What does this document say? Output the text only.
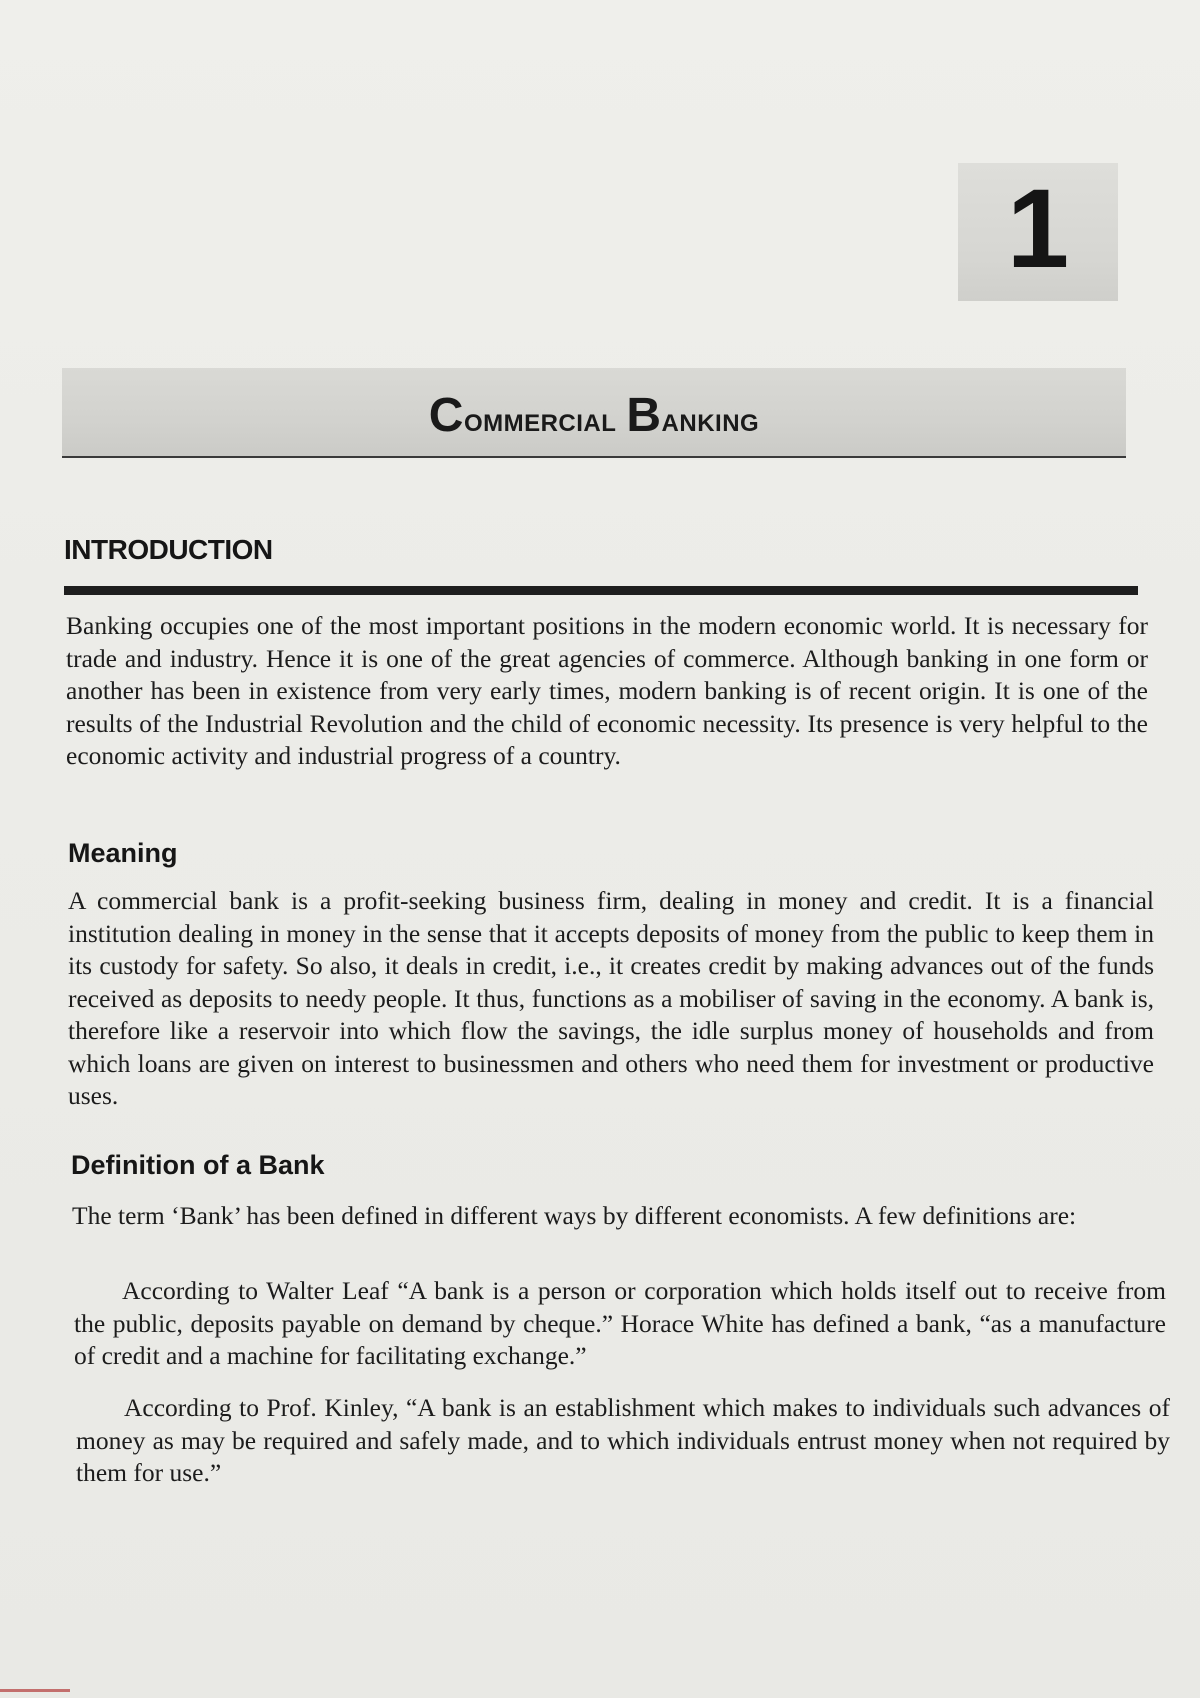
1
Commercial Banking
INTRODUCTION

Banking occupies one of the most important positions in the modern economic world. It is necessary for trade and industry. Hence it is one of the great agencies of commerce. Although banking in one form or another has been in existence from very early times, modern banking is of recent origin. It is one of the results of the Industrial Revolution and the child of economic necessity. Its presence is very helpful to the economic activity and industrial progress of a country.

Meaning

A commercial bank is a profit-seeking business firm, dealing in money and credit. It is a financial institution dealing in money in the sense that it accepts deposits of money from the public to keep them in its custody for safety. So also, it deals in credit, i.e., it creates credit by making advances out of the funds received as deposits to needy people. It thus, functions as a mobiliser of saving in the economy. A bank is, therefore like a reservoir into which flow the savings, the idle surplus money of households and from which loans are given on interest to businessmen and others who need them for investment or productive uses.

Definition of a Bank

The term ‘Bank’ has been defined in different ways by different economists. A few definitions are:

According to Walter Leaf “A bank is a person or corporation which holds itself out to receive from the public, deposits payable on demand by cheque.” Horace White has defined a bank, “as a manufacture of credit and a machine for facilitating exchange.”

According to Prof. Kinley, “A bank is an establishment which makes to individuals such advances of money as may be required and safely made, and to which individuals entrust money when not required by them for use.”
